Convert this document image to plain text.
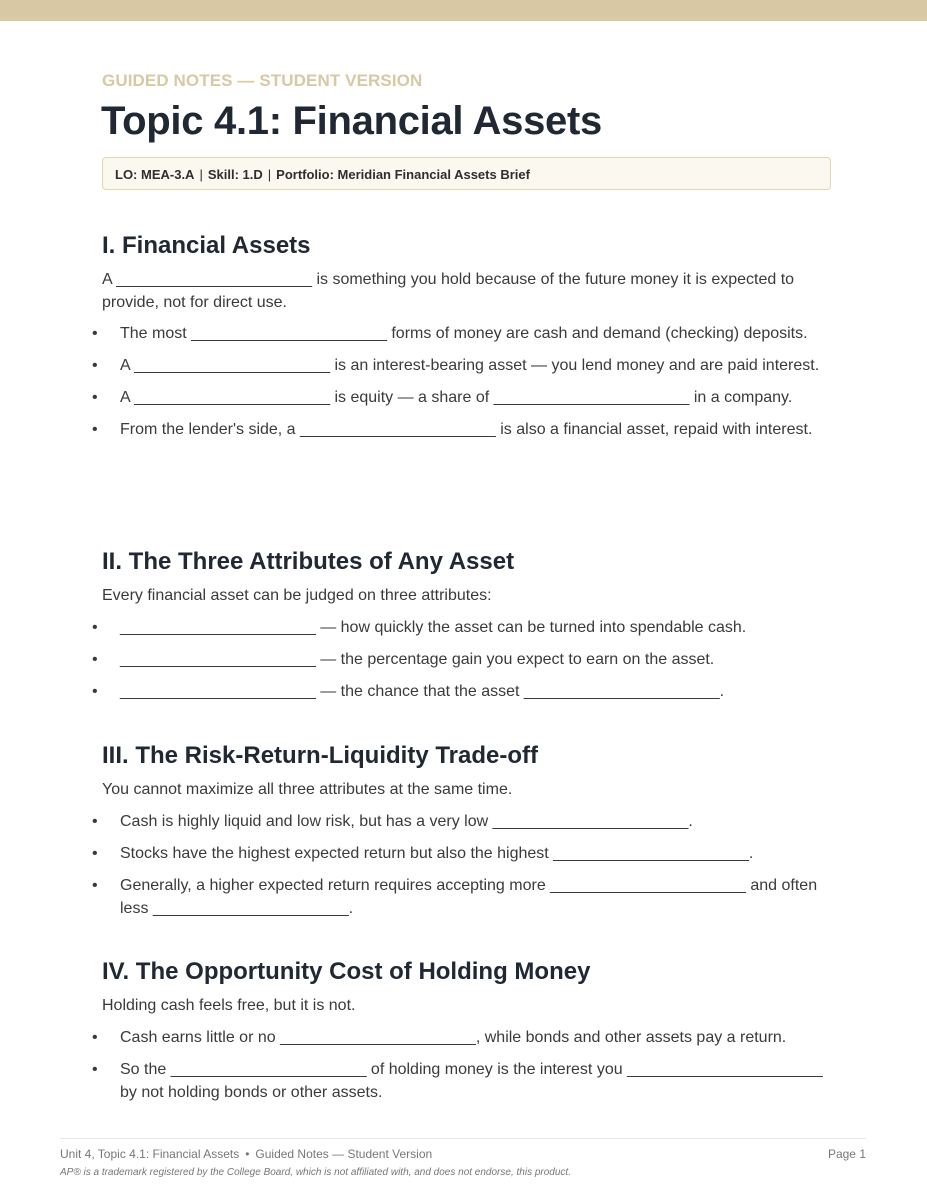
GUIDED NOTES — STUDENT VERSION
Topic 4.1: Financial Assets
LO: MEA-3.A | Skill: 1.D | Portfolio: Meridian Financial Assets Brief
I. Financial Assets

A ______________________ is something you hold because of the future money it is expected to provide, not for direct use.

• The most ______________________ forms of money are cash and demand (checking) deposits.
• A ______________________ is an interest-bearing asset — you lend money and are paid interest.
• A ______________________ is equity — a share of ______________________ in a company.
• From the lender's side, a ______________________ is also a financial asset, repaid with interest.
II. The Three Attributes of Any Asset

Every financial asset can be judged on three attributes:

• ______________________ — how quickly the asset can be turned into spendable cash.
• ______________________ — the percentage gain you expect to earn on the asset.
• ______________________ — the chance that the asset ______________________.
III. The Risk-Return-Liquidity Trade-off

You cannot maximize all three attributes at the same time.

• Cash is highly liquid and low risk, but has a very low ______________________.
• Stocks have the highest expected return but also the highest ______________________.
• Generally, a higher expected return requires accepting more ______________________ and often less ______________________.
IV. The Opportunity Cost of Holding Money

Holding cash feels free, but it is not.

• Cash earns little or no ______________________, while bonds and other assets pay a return.
• So the ______________________ of holding money is the interest you ______________________ by not holding bonds or other assets.
Unit 4, Topic 4.1: Financial Assets • Guided Notes — Student Version	Page 1
AP® is a trademark registered by the College Board, which is not affiliated with, and does not endorse, this product.
